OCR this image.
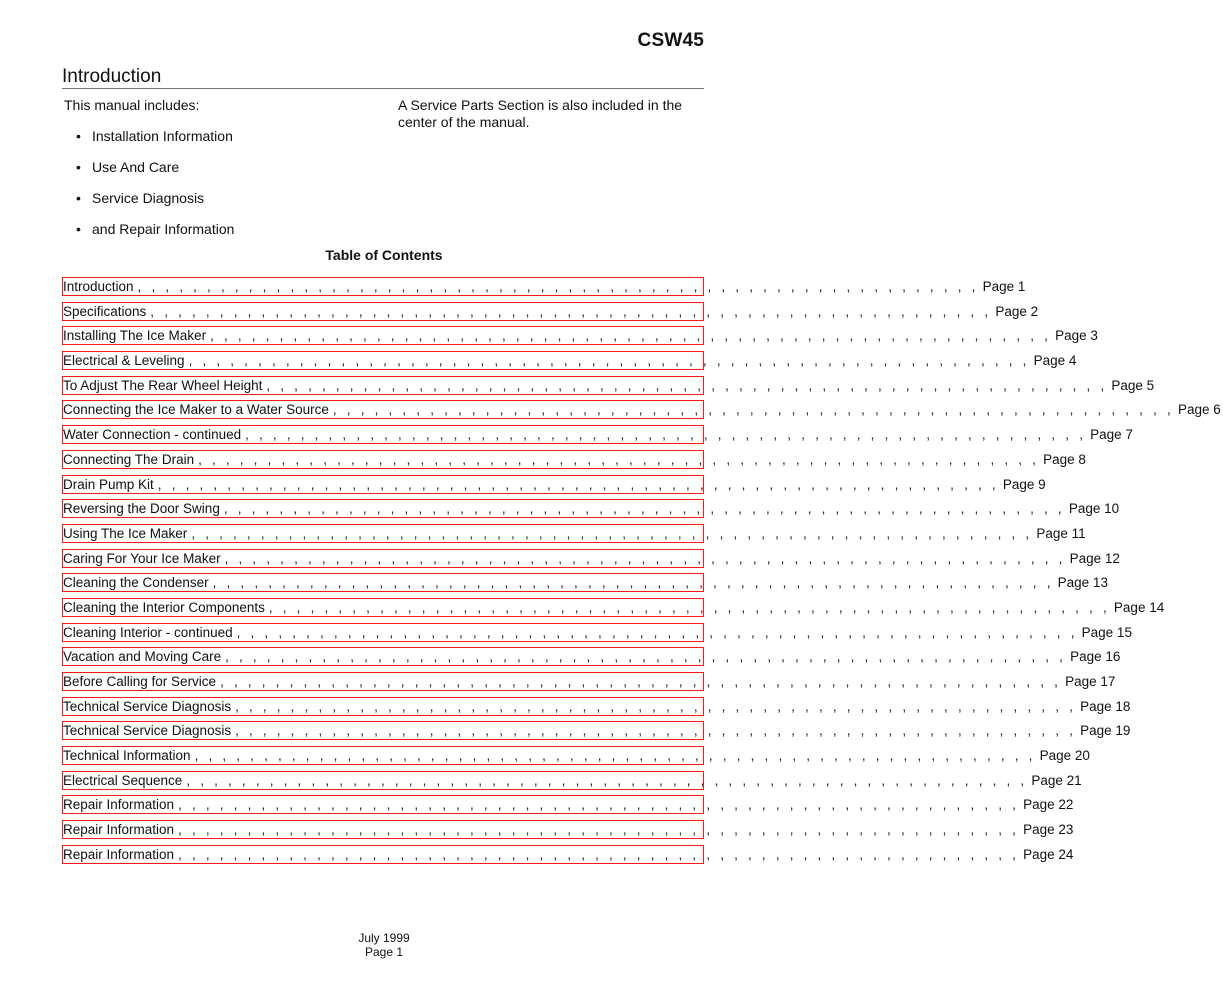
CSW45
Introduction
This manual includes:	A Service Parts Section is also included in the center of the manual.
• Installation Information
• Use And Care
• Service Diagnosis
• and Repair Information
Table of Contents
Introduction , , , , , , , , , , , , , , , , , , , , , , , , , , , , , , , , , , , , , , , , , , , , , , , , , , , , , , , , , , , , , Page 1
Specifications , , , , , , , , , , , , , , , , , , , , , , , , , , , , , , , , , , , , , , , , , , , , , , , , , , , , , , , , , , , , , Page 2
Installing The Ice Maker , , , , , , , , , , , , , , , , , , , , , , , , , , , , , , , , , , , , , , , , , , , , , , , , , , , , , , , , , , , , , Page 3
Electrical & Leveling , , , , , , , , , , , , , , , , , , , , , , , , , , , , , , , , , , , , , , , , , , , , , , , , , , , , , , , , , , , , , Page 4
To Adjust The Rear Wheel Height , , , , , , , , , , , , , , , , , , , , , , , , , , , , , , , , , , , , , , , , , , , , , , , , , , , , , , , , , , , , , Page 5
Connecting the Ice Maker to a Water Source , , , , , , , , , , , , , , , , , , , , , , , , , , , , , , , , , , , , , , , , , , , , , , , , , , , , , , , , , , , , , Page 6
Water Connection - continued , , , , , , , , , , , , , , , , , , , , , , , , , , , , , , , , , , , , , , , , , , , , , , , , , , , , , , , , , , , , , Page 7
Connecting The Drain , , , , , , , , , , , , , , , , , , , , , , , , , , , , , , , , , , , , , , , , , , , , , , , , , , , , , , , , , , , , , Page 8
Drain Pump Kit , , , , , , , , , , , , , , , , , , , , , , , , , , , , , , , , , , , , , , , , , , , , , , , , , , , , , , , , , , , , , Page 9
Reversing the Door Swing , , , , , , , , , , , , , , , , , , , , , , , , , , , , , , , , , , , , , , , , , , , , , , , , , , , , , , , , , , , , , Page 10
Using The Ice Maker , , , , , , , , , , , , , , , , , , , , , , , , , , , , , , , , , , , , , , , , , , , , , , , , , , , , , , , , , , , , , Page 11
Caring For Your Ice Maker , , , , , , , , , , , , , , , , , , , , , , , , , , , , , , , , , , , , , , , , , , , , , , , , , , , , , , , , , , , , , Page 12
Cleaning the Condenser , , , , , , , , , , , , , , , , , , , , , , , , , , , , , , , , , , , , , , , , , , , , , , , , , , , , , , , , , , , , , Page 13
Cleaning the Interior Components , , , , , , , , , , , , , , , , , , , , , , , , , , , , , , , , , , , , , , , , , , , , , , , , , , , , , , , , , , , , , Page 14
Cleaning Interior - continued , , , , , , , , , , , , , , , , , , , , , , , , , , , , , , , , , , , , , , , , , , , , , , , , , , , , , , , , , , , , , Page 15
Vacation and Moving Care , , , , , , , , , , , , , , , , , , , , , , , , , , , , , , , , , , , , , , , , , , , , , , , , , , , , , , , , , , , , , Page 16
Before Calling for Service , , , , , , , , , , , , , , , , , , , , , , , , , , , , , , , , , , , , , , , , , , , , , , , , , , , , , , , , , , , , , Page 17
Technical Service Diagnosis , , , , , , , , , , , , , , , , , , , , , , , , , , , , , , , , , , , , , , , , , , , , , , , , , , , , , , , , , , , , , Page 18
Technical Service Diagnosis , , , , , , , , , , , , , , , , , , , , , , , , , , , , , , , , , , , , , , , , , , , , , , , , , , , , , , , , , , , , , Page 19
Technical Information , , , , , , , , , , , , , , , , , , , , , , , , , , , , , , , , , , , , , , , , , , , , , , , , , , , , , , , , , , , , , Page 20
Electrical Sequence , , , , , , , , , , , , , , , , , , , , , , , , , , , , , , , , , , , , , , , , , , , , , , , , , , , , , , , , , , , , , Page 21
Repair Information , , , , , , , , , , , , , , , , , , , , , , , , , , , , , , , , , , , , , , , , , , , , , , , , , , , , , , , , , , , , , Page 22
Repair Information , , , , , , , , , , , , , , , , , , , , , , , , , , , , , , , , , , , , , , , , , , , , , , , , , , , , , , , , , , , , , Page 23
Repair Information , , , , , , , , , , , , , , , , , , , , , , , , , , , , , , , , , , , , , , , , , , , , , , , , , , , , , , , , , , , , , Page 24
July 1999
Page 1
